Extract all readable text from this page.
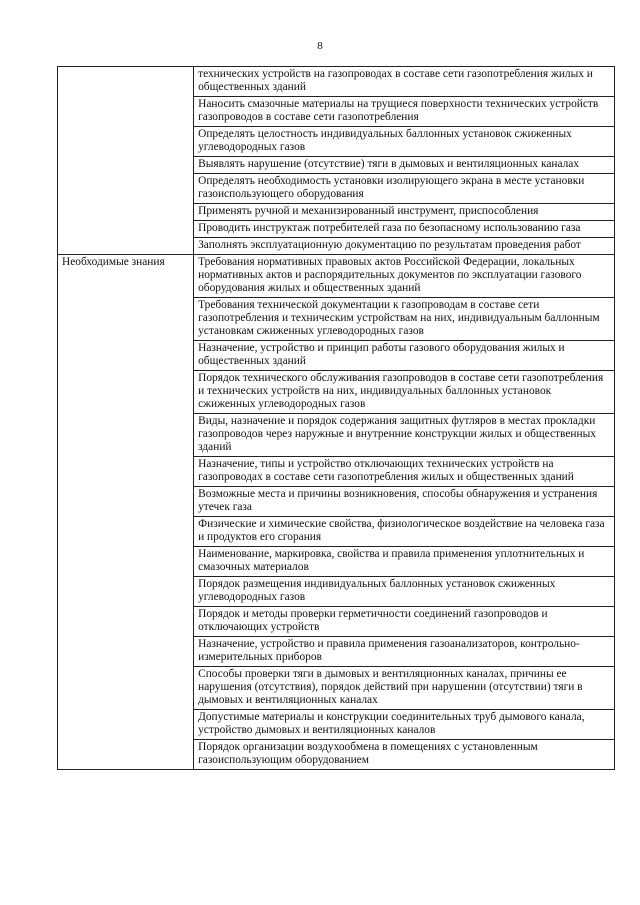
8
	технических устройств на газопроводах в составе сети газопотребления жилых и общественных зданий
	Наносить смазочные материалы на трущиеся поверхности технических устройств газопроводов в составе сети газопотребления
	Определять целостность индивидуальных баллонных установок сжиженных углеводородных газов
	Выявлять нарушение (отсутствие) тяги в дымовых и вентиляционных каналах
	Определять необходимость установки изолирующего экрана в месте установки газоиспользующего оборудования
	Применять ручной и механизированный инструмент, приспособления
	Проводить инструктаж потребителей газа по безопасному использованию газа
	Заполнять эксплуатационную документацию по результатам проведения работ
Необходимые знания	Требования нормативных правовых актов Российской Федерации, локальных нормативных актов и распорядительных документов по эксплуатации газового оборудования жилых и общественных зданий
	Требования технической документации к газопроводам в составе сети газопотребления и техническим устройствам на них, индивидуальным баллонным установкам сжиженных углеводородных газов
	Назначение, устройство и принцип работы газового оборудования жилых и общественных зданий
	Порядок технического обслуживания газопроводов в составе сети газопотребления и технических устройств на них, индивидуальных баллонных установок сжиженных углеводородных газов
	Виды, назначение и порядок содержания защитных футляров в местах прокладки газопроводов через наружные и внутренние конструкции жилых и общественных зданий
	Назначение, типы и устройство отключающих технических устройств на газопроводах в составе сети газопотребления жилых и общественных зданий
	Возможные места и причины возникновения, способы обнаружения и устранения утечек газа
	Физические и химические свойства, физиологическое воздействие на человека газа и продуктов его сгорания
	Наименование, маркировка, свойства и правила применения уплотнительных и смазочных материалов
	Порядок размещения индивидуальных баллонных установок сжиженных углеводородных газов
	Порядок и методы проверки герметичности соединений газопроводов и отключающих устройств
	Назначение, устройство и правила применения газоанализаторов, контрольно-измерительных приборов
	Способы проверки тяги в дымовых и вентиляционных каналах, причины ее нарушения (отсутствия), порядок действий при нарушении (отсутствии) тяги в дымовых и вентиляционных каналах
	Допустимые материалы и конструкции соединительных труб дымового канала, устройство дымовых и вентиляционных каналов
	Порядок организации воздухообмена в помещениях с установленным газоиспользующим оборудованием
